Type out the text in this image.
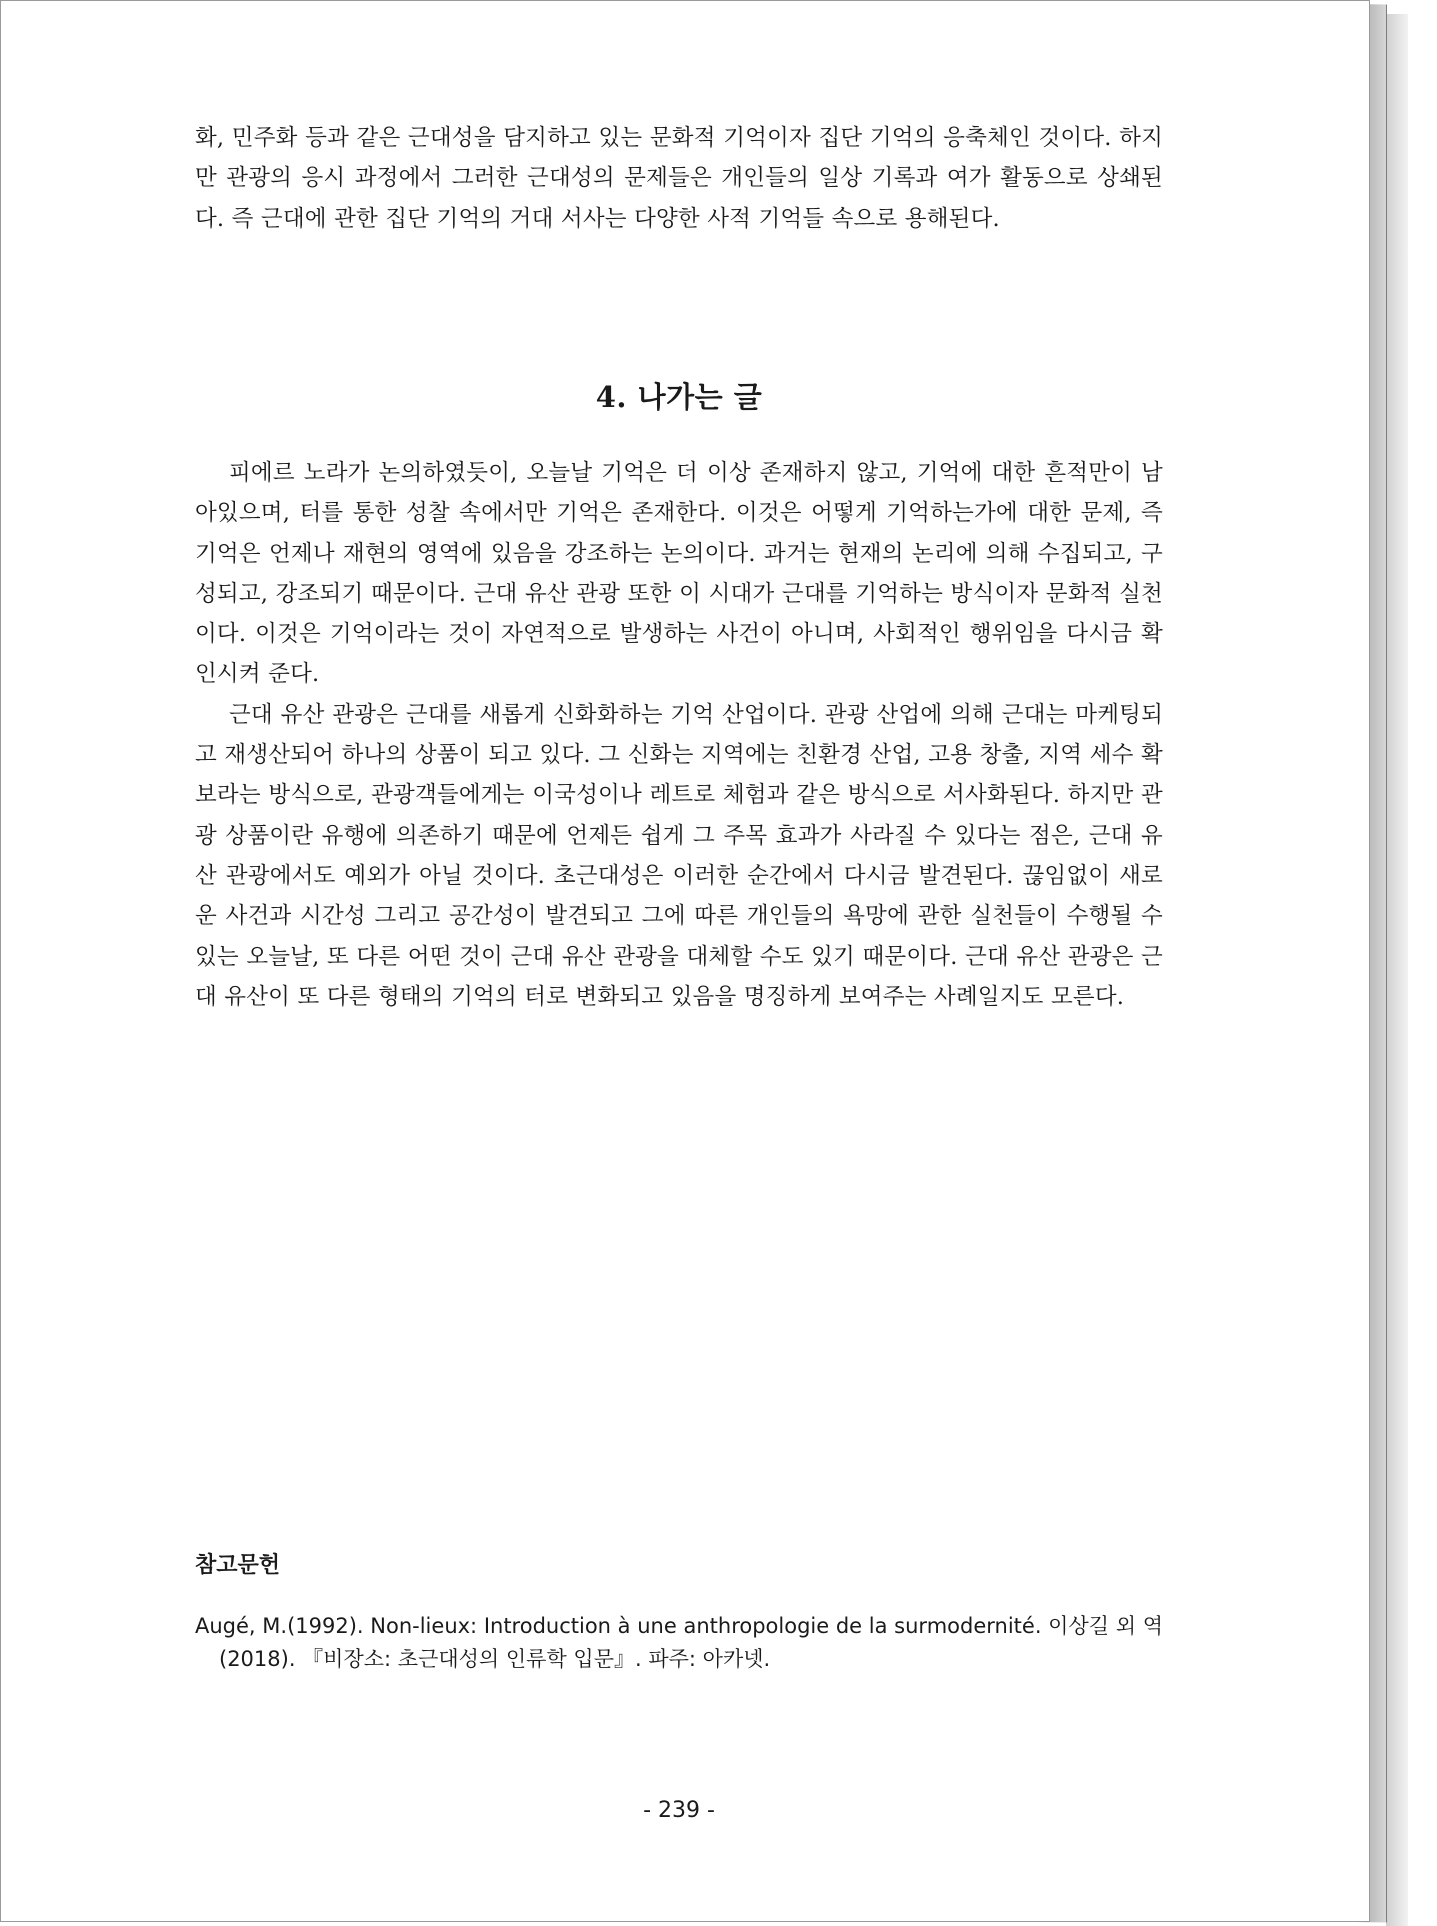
화, 민주화 등과 같은 근대성을 담지하고 있는 문화적 기억이자 집단 기억의 응축체인 것이다. 하지만 관광의 응시 과정에서 그러한 근대성의 문제들은 개인들의 일상 기록과 여가 활동으로 상쇄된다. 즉 근대에 관한 집단 기억의 거대 서사는 다양한 사적 기억들 속으로 용해된다.

4. 나가는 글

피에르 노라가 논의하였듯이, 오늘날 기억은 더 이상 존재하지 않고, 기억에 대한 흔적만이 남아있으며, 터를 통한 성찰 속에서만 기억은 존재한다. 이것은 어떻게 기억하는가에 대한 문제, 즉 기억은 언제나 재현의 영역에 있음을 강조하는 논의이다. 과거는 현재의 논리에 의해 수집되고, 구성되고, 강조되기 때문이다. 근대 유산 관광 또한 이 시대가 근대를 기억하는 방식이자 문화적 실천이다. 이것은 기억이라는 것이 자연적으로 발생하는 사건이 아니며, 사회적인 행위임을 다시금 확인시켜 준다.

근대 유산 관광은 근대를 새롭게 신화화하는 기억 산업이다. 관광 산업에 의해 근대는 마케팅되고 재생산되어 하나의 상품이 되고 있다. 그 신화는 지역에는 친환경 산업, 고용 창출, 지역 세수 확보라는 방식으로, 관광객들에게는 이국성이나 레트로 체험과 같은 방식으로 서사화된다. 하지만 관광 상품이란 유행에 의존하기 때문에 언제든 쉽게 그 주목 효과가 사라질 수 있다는 점은, 근대 유산 관광에서도 예외가 아닐 것이다. 초근대성은 이러한 순간에서 다시금 발견된다. 끊임없이 새로운 사건과 시간성 그리고 공간성이 발견되고 그에 따른 개인들의 욕망에 관한 실천들이 수행될 수 있는 오늘날, 또 다른 어떤 것이 근대 유산 관광을 대체할 수도 있기 때문이다. 근대 유산 관광은 근대 유산이 또 다른 형태의 기억의 터로 변화되고 있음을 명징하게 보여주는 사례일지도 모른다.

참고문헌

Augé, M.(1992). Non-lieux: Introduction à une anthropologie de la surmodernité. 이상길 외 역 (2018). 『비장소: 초근대성의 인류학 입문』. 파주: 아카넷.

- 239 -
